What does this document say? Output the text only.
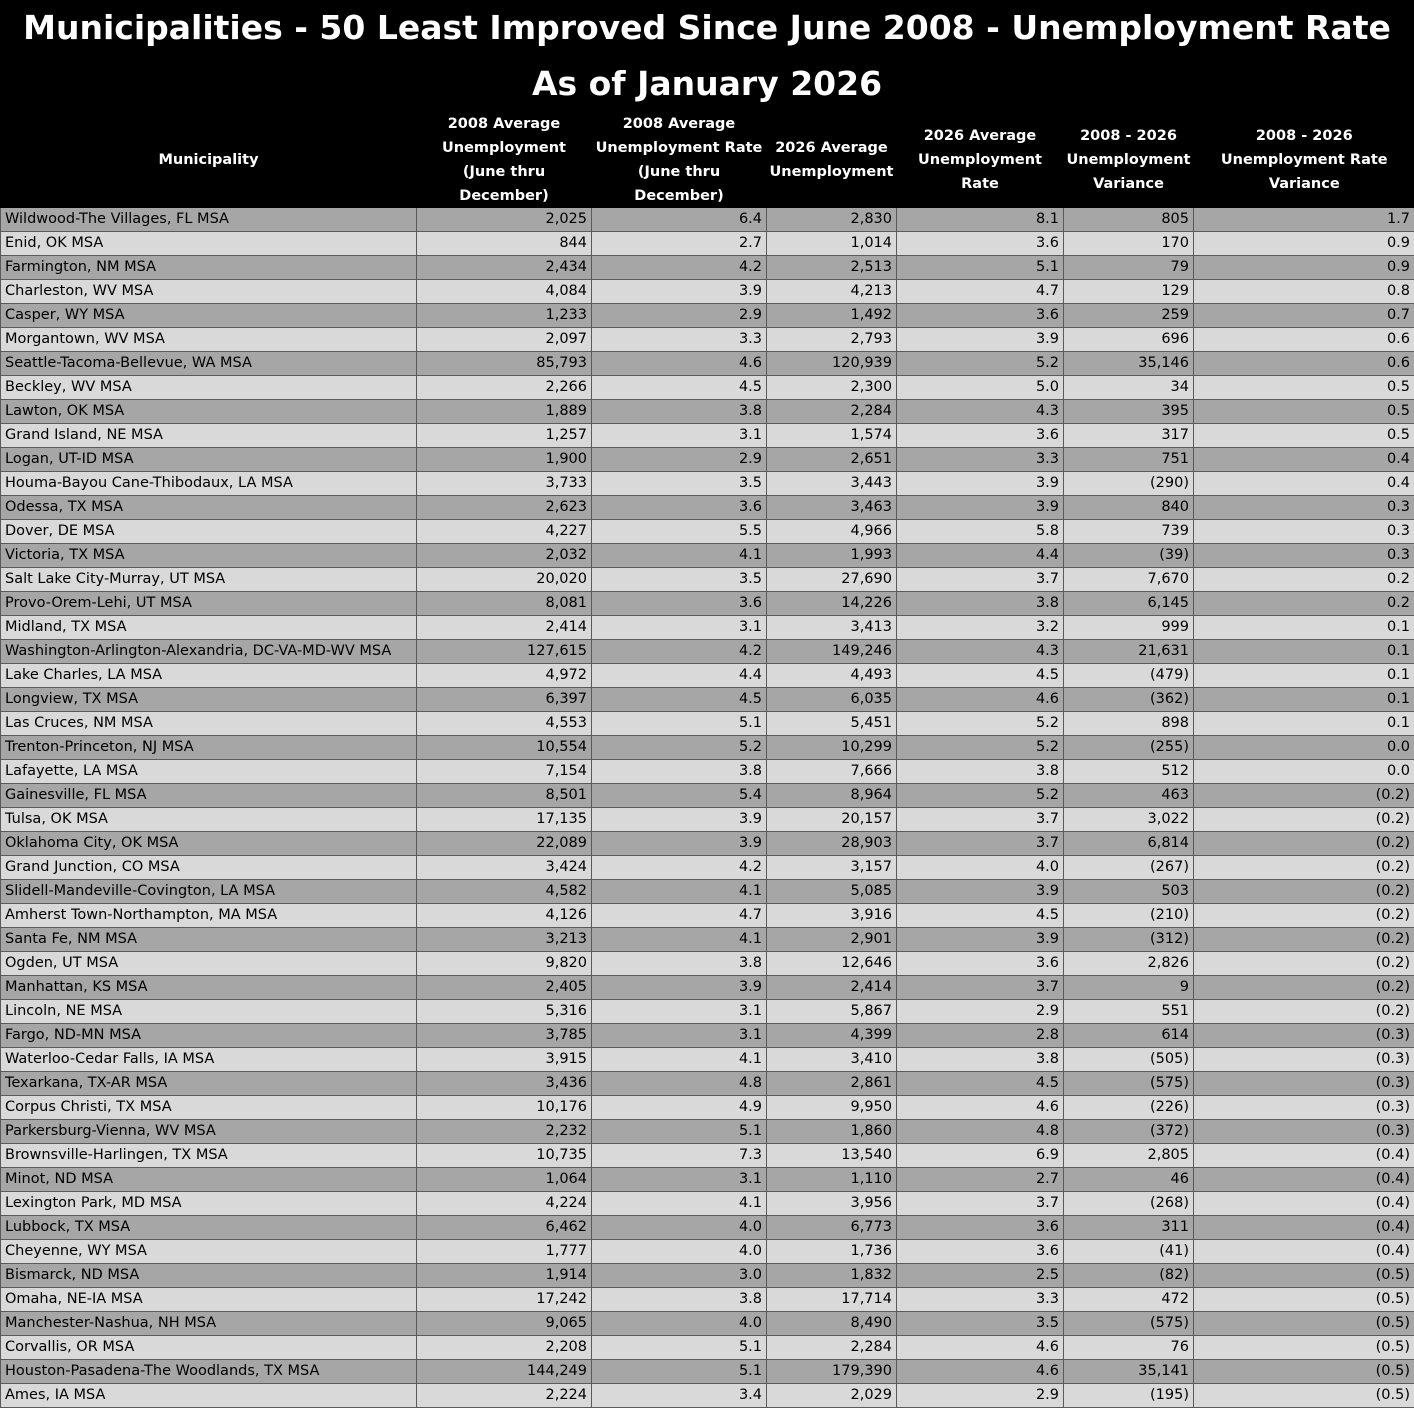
Municipalities - 50 Least Improved Since June 2008 - Unemployment Rate
As of January 2026
Municipality	2008 Average Unemployment (June thru December)	2008 Average Unemployment Rate (June thru December)	2026 Average Unemployment	2026 Average Unemployment Rate	2008 - 2026 Unemployment Variance	2008 - 2026 Unemployment Rate Variance
Wildwood-The Villages, FL MSA	2,025	6.4	2,830	8.1	805	1.7
Enid, OK MSA	844	2.7	1,014	3.6	170	0.9
Farmington, NM MSA	2,434	4.2	2,513	5.1	79	0.9
Charleston, WV MSA	4,084	3.9	4,213	4.7	129	0.8
Casper, WY MSA	1,233	2.9	1,492	3.6	259	0.7
Morgantown, WV MSA	2,097	3.3	2,793	3.9	696	0.6
Seattle-Tacoma-Bellevue, WA MSA	85,793	4.6	120,939	5.2	35,146	0.6
Beckley, WV MSA	2,266	4.5	2,300	5.0	34	0.5
Lawton, OK MSA	1,889	3.8	2,284	4.3	395	0.5
Grand Island, NE MSA	1,257	3.1	1,574	3.6	317	0.5
Logan, UT-ID MSA	1,900	2.9	2,651	3.3	751	0.4
Houma-Bayou Cane-Thibodaux, LA MSA	3,733	3.5	3,443	3.9	(290)	0.4
Odessa, TX MSA	2,623	3.6	3,463	3.9	840	0.3
Dover, DE MSA	4,227	5.5	4,966	5.8	739	0.3
Victoria, TX MSA	2,032	4.1	1,993	4.4	(39)	0.3
Salt Lake City-Murray, UT MSA	20,020	3.5	27,690	3.7	7,670	0.2
Provo-Orem-Lehi, UT MSA	8,081	3.6	14,226	3.8	6,145	0.2
Midland, TX MSA	2,414	3.1	3,413	3.2	999	0.1
Washington-Arlington-Alexandria, DC-VA-MD-WV MSA	127,615	4.2	149,246	4.3	21,631	0.1
Lake Charles, LA MSA	4,972	4.4	4,493	4.5	(479)	0.1
Longview, TX MSA	6,397	4.5	6,035	4.6	(362)	0.1
Las Cruces, NM MSA	4,553	5.1	5,451	5.2	898	0.1
Trenton-Princeton, NJ MSA	10,554	5.2	10,299	5.2	(255)	0.0
Lafayette, LA MSA	7,154	3.8	7,666	3.8	512	0.0
Gainesville, FL MSA	8,501	5.4	8,964	5.2	463	(0.2)
Tulsa, OK MSA	17,135	3.9	20,157	3.7	3,022	(0.2)
Oklahoma City, OK MSA	22,089	3.9	28,903	3.7	6,814	(0.2)
Grand Junction, CO MSA	3,424	4.2	3,157	4.0	(267)	(0.2)
Slidell-Mandeville-Covington, LA MSA	4,582	4.1	5,085	3.9	503	(0.2)
Amherst Town-Northampton, MA MSA	4,126	4.7	3,916	4.5	(210)	(0.2)
Santa Fe, NM MSA	3,213	4.1	2,901	3.9	(312)	(0.2)
Ogden, UT MSA	9,820	3.8	12,646	3.6	2,826	(0.2)
Manhattan, KS MSA	2,405	3.9	2,414	3.7	9	(0.2)
Lincoln, NE MSA	5,316	3.1	5,867	2.9	551	(0.2)
Fargo, ND-MN MSA	3,785	3.1	4,399	2.8	614	(0.3)
Waterloo-Cedar Falls, IA MSA	3,915	4.1	3,410	3.8	(505)	(0.3)
Texarkana, TX-AR MSA	3,436	4.8	2,861	4.5	(575)	(0.3)
Corpus Christi, TX MSA	10,176	4.9	9,950	4.6	(226)	(0.3)
Parkersburg-Vienna, WV MSA	2,232	5.1	1,860	4.8	(372)	(0.3)
Brownsville-Harlingen, TX MSA	10,735	7.3	13,540	6.9	2,805	(0.4)
Minot, ND MSA	1,064	3.1	1,110	2.7	46	(0.4)
Lexington Park, MD MSA	4,224	4.1	3,956	3.7	(268)	(0.4)
Lubbock, TX MSA	6,462	4.0	6,773	3.6	311	(0.4)
Cheyenne, WY MSA	1,777	4.0	1,736	3.6	(41)	(0.4)
Bismarck, ND MSA	1,914	3.0	1,832	2.5	(82)	(0.5)
Omaha, NE-IA MSA	17,242	3.8	17,714	3.3	472	(0.5)
Manchester-Nashua, NH MSA	9,065	4.0	8,490	3.5	(575)	(0.5)
Corvallis, OR MSA	2,208	5.1	2,284	4.6	76	(0.5)
Houston-Pasadena-The Woodlands, TX MSA	144,249	5.1	179,390	4.6	35,141	(0.5)
Ames, IA MSA	2,224	3.4	2,029	2.9	(195)	(0.5)
